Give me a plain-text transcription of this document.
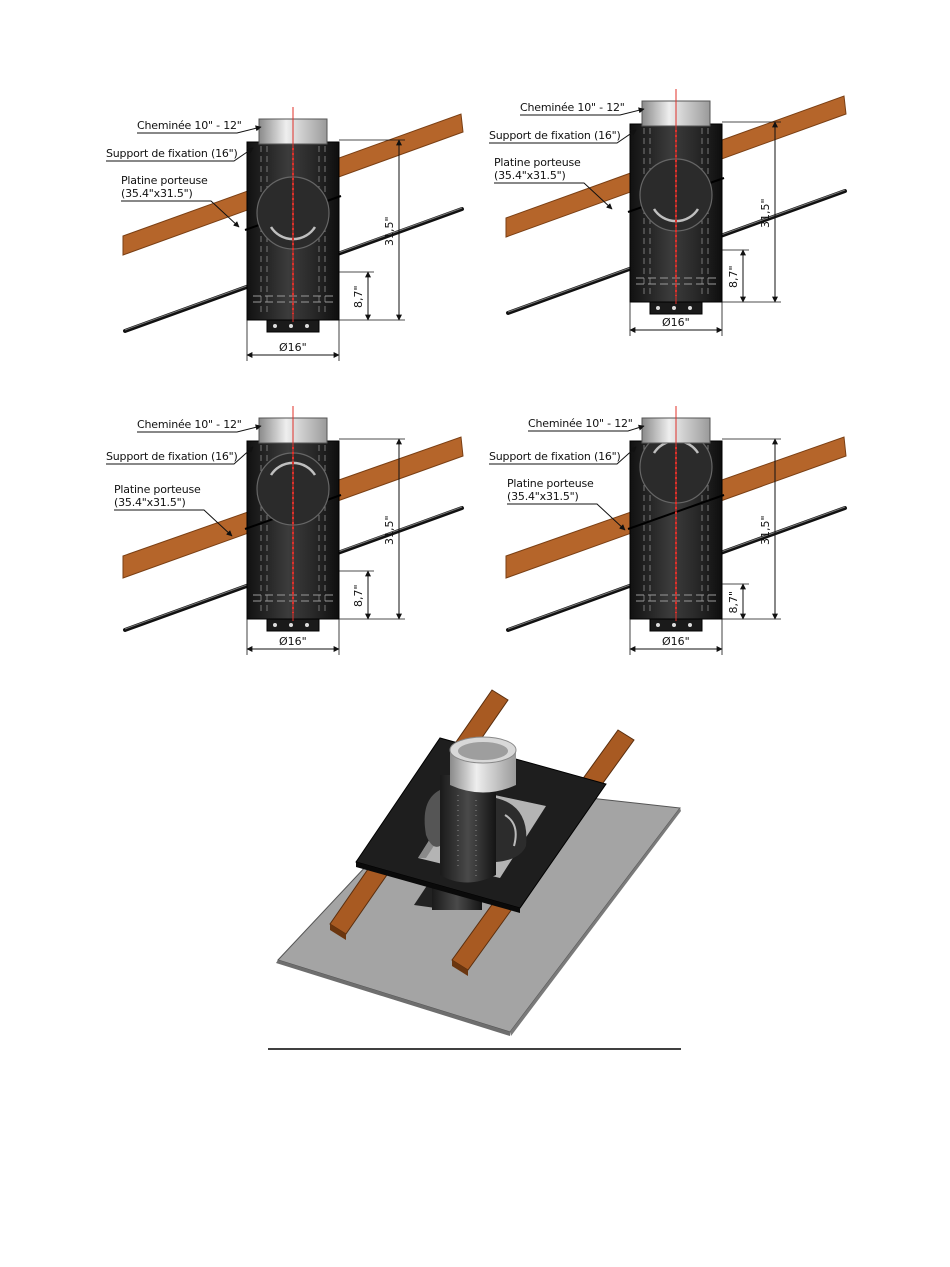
Cheminée 10" - 12"
Support de fixation (16")
Platine porteuse
(35.4"x31.5")
31,5"
8,7"
Ø16"
Cheminée 10" - 12"
Support de fixation (16")
Platine porteuse
(35.4"x31.5")
31,5"
8,7"
Ø16"
Cheminée 10" - 12"
Support de fixation (16")
Platine porteuse
(35.4"x31.5")
31,5"
8,7"
Ø16"
Cheminée 10" - 12"
Support de fixation (16")
Platine porteuse
(35.4"x31.5")
31,5"
8,7"
Ø16"
